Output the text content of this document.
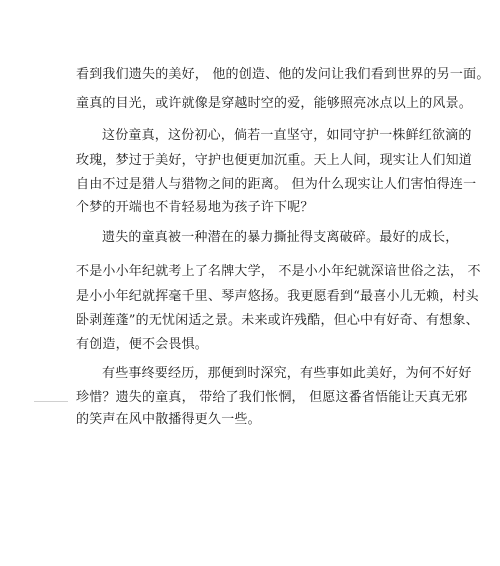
看到我们遗失的美好， 他的创造、他的发问让我们看到世界的另一面。
童真的目光，或许就像是穿越时空的爱，能够照亮冰点以上的风景。
这份童真，这份初心，倘若一直坚守，如同守护一株鲜红欲滴的
玫瑰，梦过于美好，守护也便更加沉重。天上人间，现实让人们知道
自由不过是猎人与猎物之间的距离。 但为什么现实让人们害怕得连一
个梦的开端也不肯轻易地为孩子许下呢？
遗失的童真被一种潜在的暴力撕扯得支离破碎。最好的成长，
不是小小年纪就考上了名牌大学， 不是小小年纪就深谙世俗之法， 不
是小小年纪就挥毫千里、琴声悠扬。我更愿看到“最喜小儿无赖，村头
卧剥莲蓬”的无忧闲适之景。未来或许残酷，但心中有好奇、有想象、
有创造，便不会畏惧。
有些事终要经历，那便到时深究，有些事如此美好，为何不好好
珍惜？遗失的童真， 带给了我们怅惘， 但愿这番省悟能让天真无邪
的笑声在风中散播得更久一些。
